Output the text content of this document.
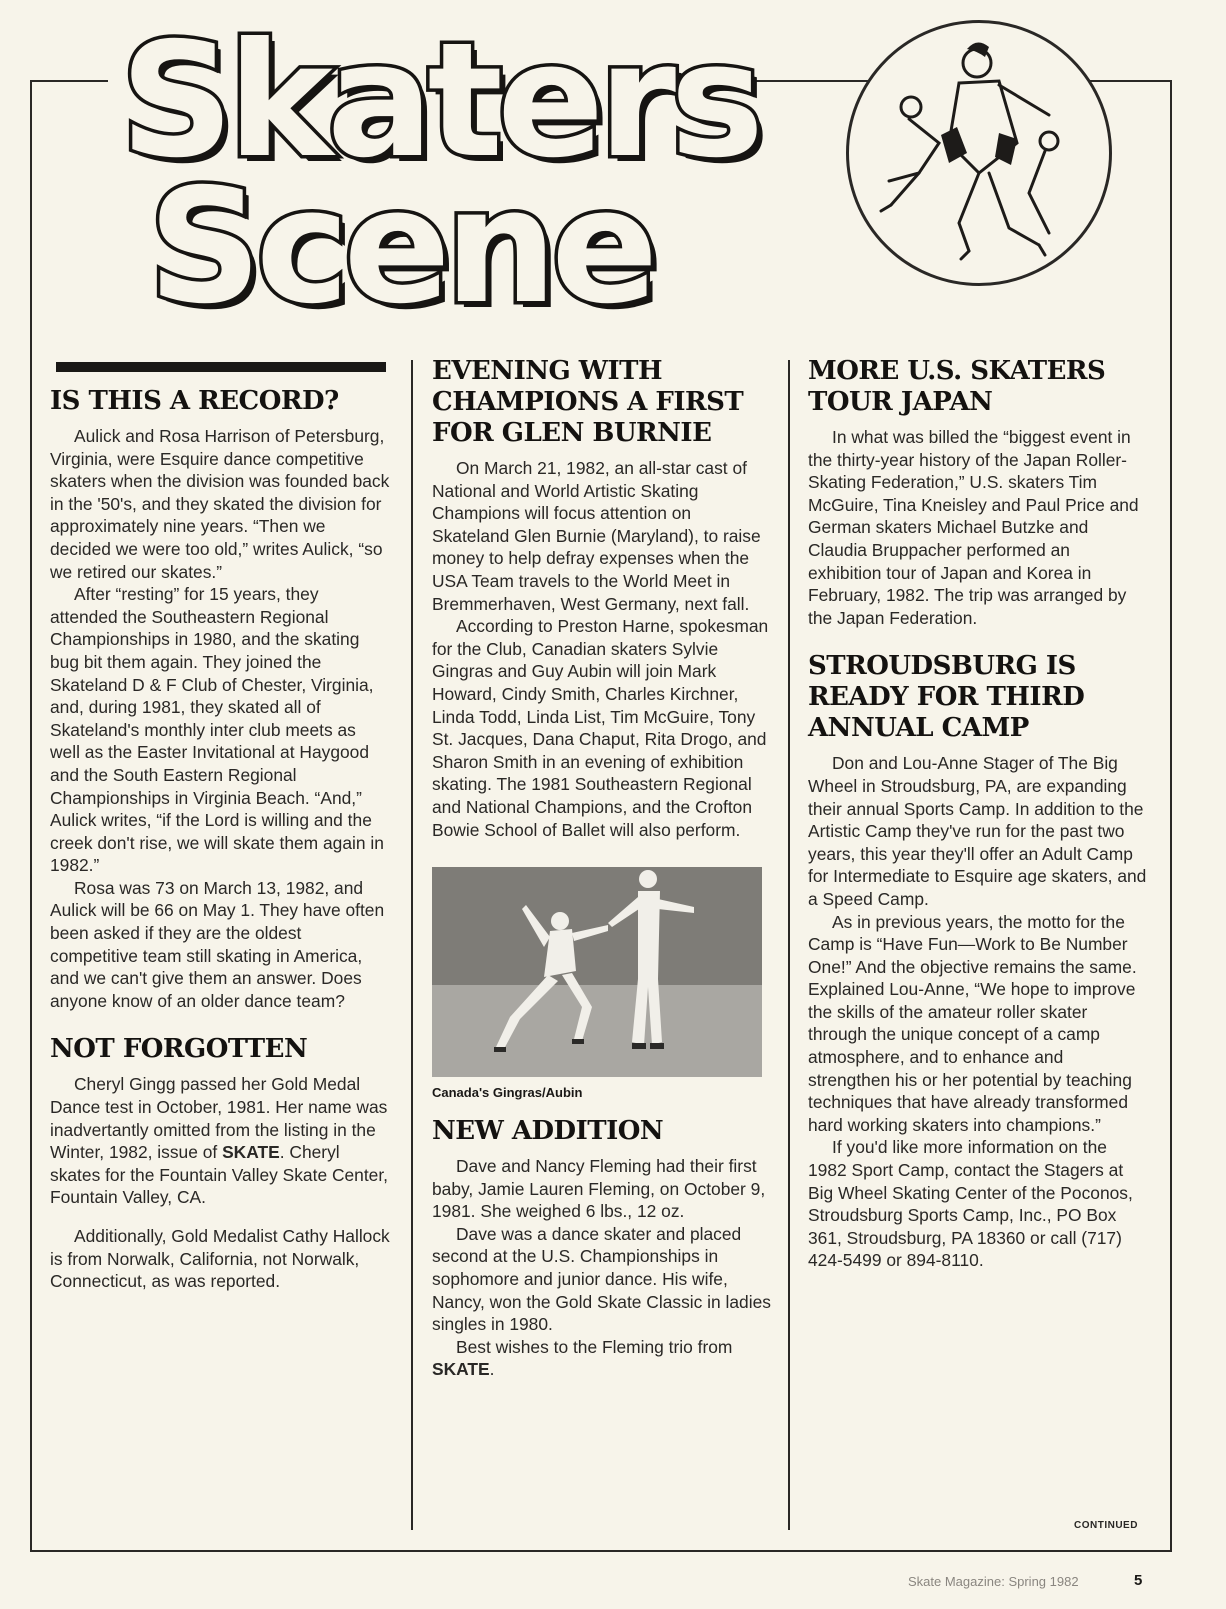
Skaters
Scene
IS THIS A RECORD?

Aulick and Rosa Harrison of Petersburg, Virginia, were Esquire dance competitive skaters when the division was founded back in the '50's, and they skated the division for approximately nine years. “Then we decided we were too old,” writes Aulick, “so we retired our skates.”

After “resting” for 15 years, they attended the Southeastern Regional Championships in 1980, and the skating bug bit them again. They joined the Skateland D & F Club of Chester, Virginia, and, during 1981, they skated all of Skateland's monthly inter club meets as well as the Easter Invitational at Haygood and the South Eastern Regional Championships in Virginia Beach. “And,” Aulick writes, “if the Lord is willing and the creek don't rise, we will skate them again in 1982.”

Rosa was 73 on March 13, 1982, and Aulick will be 66 on May 1. They have often been asked if they are the oldest competitive team still skating in America, and we can't give them an answer. Does anyone know of an older dance team?

NOT FORGOTTEN

Cheryl Gingg passed her Gold Medal Dance test in October, 1981. Her name was inadvertantly omitted from the listing in the Winter, 1982, issue of SKATE. Cheryl skates for the Fountain Valley Skate Center, Fountain Valley, CA.

Additionally, Gold Medalist Cathy Hallock is from Norwalk, California, not Norwalk, Connecticut, as was reported.

EVENING WITH CHAMPIONS A FIRST FOR GLEN BURNIE

On March 21, 1982, an all-star cast of National and World Artistic Skating Champions will focus attention on Skateland Glen Burnie (Maryland), to raise money to help defray expenses when the USA Team travels to the World Meet in Bremmerhaven, West Germany, next fall.

According to Preston Harne, spokesman for the Club, Canadian skaters Sylvie Gingras and Guy Aubin will join Mark Howard, Cindy Smith, Charles Kirchner, Linda Todd, Linda List, Tim McGuire, Tony St. Jacques, Dana Chaput, Rita Drogo, and Sharon Smith in an evening of exhibition skating. The 1981 Southeastern Regional and National Champions, and the Crofton Bowie School of Ballet will also perform.

Canada's Gingras/Aubin
NEW ADDITION

Dave and Nancy Fleming had their first baby, Jamie Lauren Fleming, on October 9, 1981. She weighed 6 lbs., 12 oz.

Dave was a dance skater and placed second at the U.S. Championships in sophomore and junior dance. His wife, Nancy, won the Gold Skate Classic in ladies singles in 1980.

Best wishes to the Fleming trio from SKATE.

MORE U.S. SKATERS TOUR JAPAN

In what was billed the “biggest event in the thirty-year history of the Japan Roller-Skating Federation,” U.S. skaters Tim McGuire, Tina Kneisley and Paul Price and German skaters Michael Butzke and Claudia Bruppacher performed an exhibition tour of Japan and Korea in February, 1982. The trip was arranged by the Japan Federation.

STROUDSBURG IS READY FOR THIRD ANNUAL CAMP

Don and Lou-Anne Stager of The Big Wheel in Stroudsburg, PA, are expanding their annual Sports Camp. In addition to the Artistic Camp they've run for the past two years, this year they'll offer an Adult Camp for Intermediate to Esquire age skaters, and a Speed Camp.

As in previous years, the motto for the Camp is “Have Fun—Work to Be Number One!” And the objective remains the same. Explained Lou-Anne, “We hope to improve the skills of the amateur roller skater through the unique concept of a camp atmosphere, and to enhance and strengthen his or her potential by teaching techniques that have already transformed hard working skaters into champions.”

If you'd like more information on the 1982 Sport Camp, contact the Stagers at Big Wheel Skating Center of the Poconos, Stroudsburg Sports Camp, Inc., PO Box 361, Stroudsburg, PA 18360 or call (717) 424-5499 or 894-8110.

CONTINUED
Skate Magazine: Spring 1982	5
